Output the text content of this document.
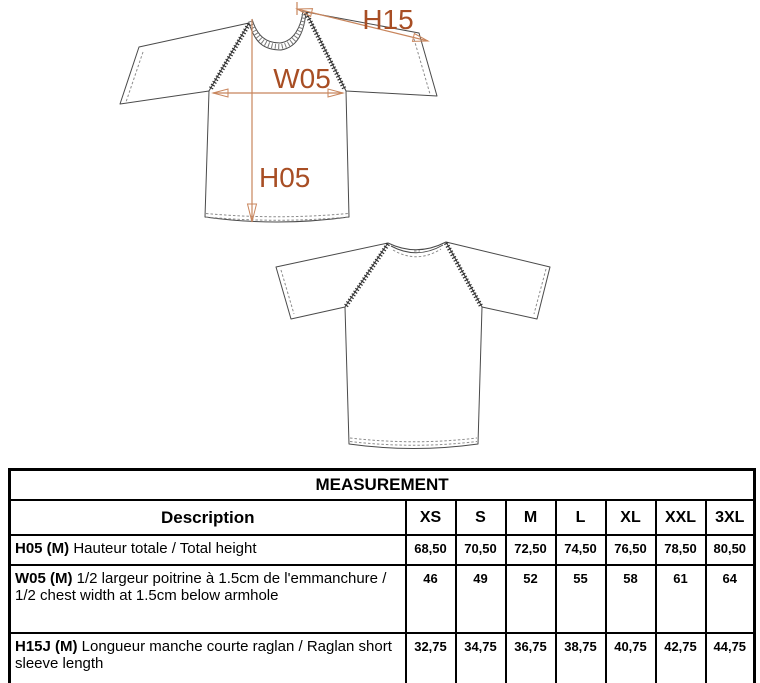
H15
W05
H05
MEASUREMENT							
Description	XS	S	M	L	XL	XXL	3XL
H05 (M) Hauteur totale / Total height	68,50	70,50	72,50	74,50	76,50	78,50	80,50
W05 (M) 1/2 largeur poitrine à 1.5cm de l'emmanchure / 1/2 chest width at 1.5cm below armhole	46	49	52	55	58	61	64
H15J (M) Longueur manche courte raglan / Raglan short sleeve length	32,75	34,75	36,75	38,75	40,75	42,75	44,75
